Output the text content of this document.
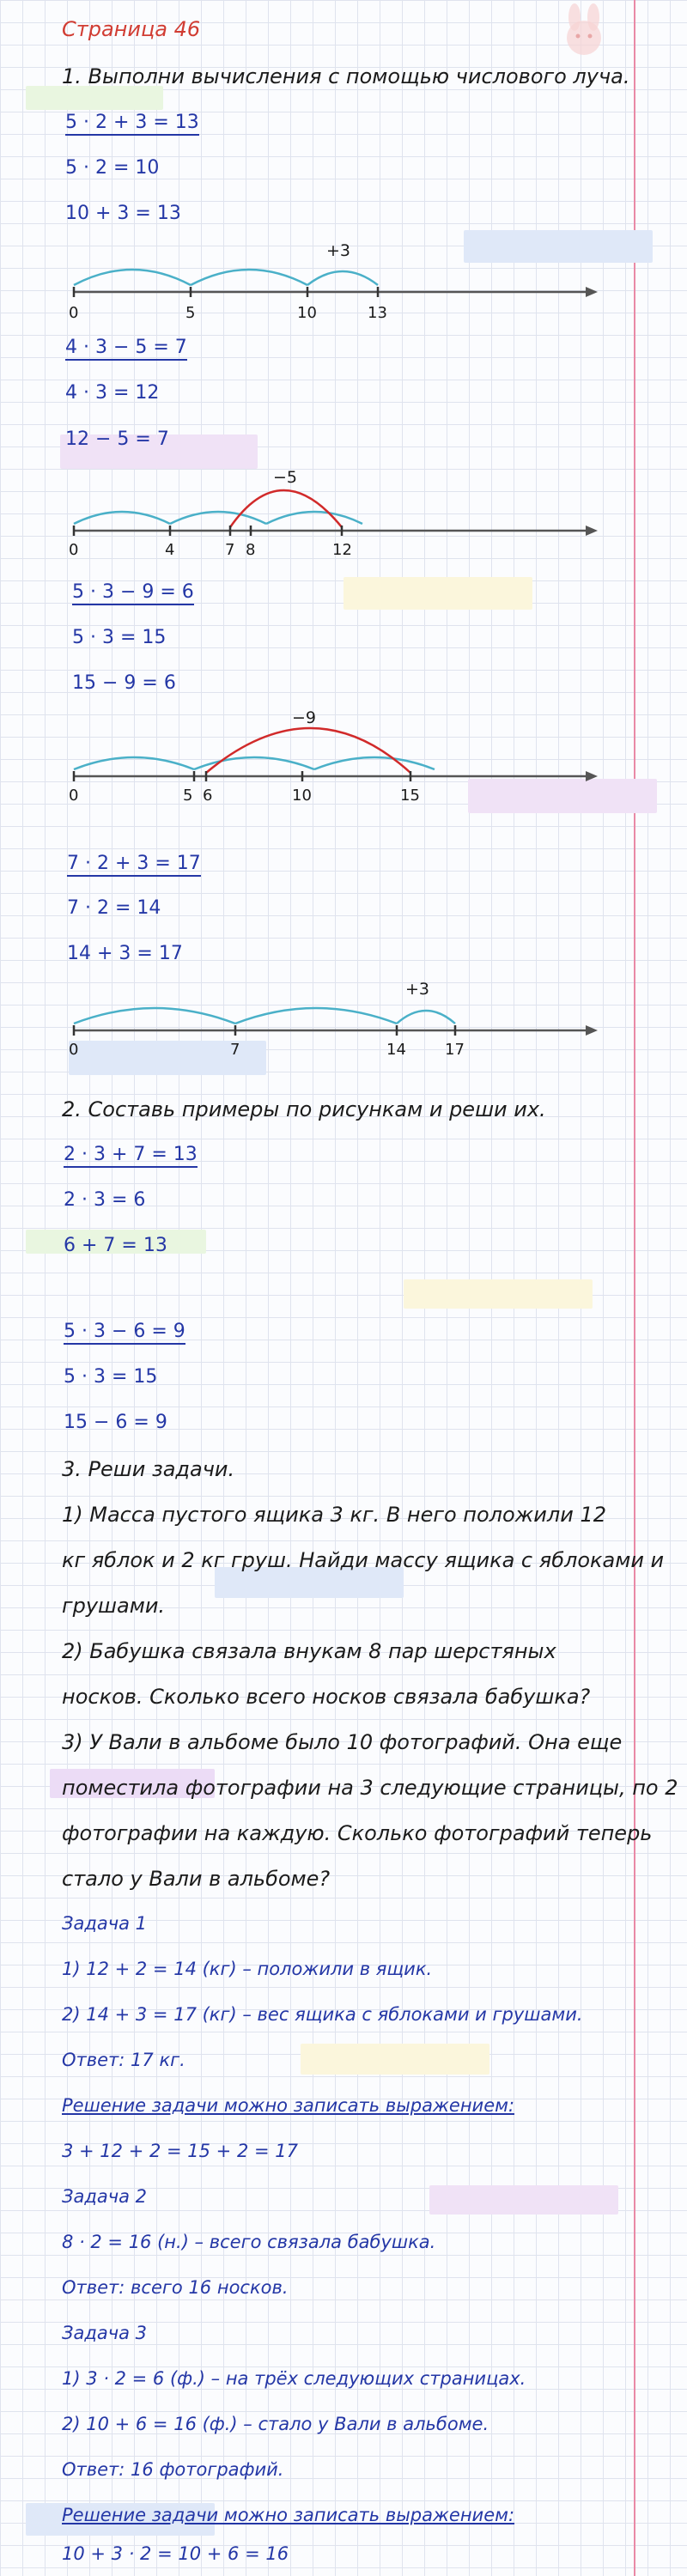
Страница 46
1. Выполни вычисления с помощью числового луча.
5 · 2 + 3 = 13
5 · 2 = 10
10 + 3 = 13
0	5	10	13
+3
4 · 3 − 5 = 7
4 · 3 = 12
12 − 5 = 7
0	4	7 8	12
−5
5 · 3 − 9 = 6
5 · 3 = 15
15 − 9 = 6
0	5 6	10	15
−9
7 · 2 + 3 = 17
7 · 2 = 14
14 + 3 = 17
0	7	14	17
+3
2. Составь примеры по рисункам и реши их.
2 · 3 + 7 = 13
2 · 3 = 6
6 + 7 = 13
5 · 3 − 6 = 9
5 · 3 = 15
15 − 6 = 9
3. Реши задачи.
1) Масса пустого ящика 3 кг. В него положили 12
кг яблок и 2 кг груш. Найди массу ящика с яблоками и
грушами.
2) Бабушка связала внукам 8 пар шерстяных
носков. Сколько всего носков связала бабушка?
3) У Вали в альбоме было 10 фотографий. Она еще
поместила фотографии на 3 следующие страницы, по 2
фотографии на каждую. Сколько фотографий теперь
стало у Вали в альбоме?
Задача 1
1) 12 + 2 = 14 (кг) – положили в ящик.
2) 14 + 3 = 17 (кг) – вес ящика с яблоками и грушами.
Ответ: 17 кг.
Решение задачи можно записать выражением:
3 + 12 + 2 = 15 + 2 = 17
Задача 2
8 · 2 = 16 (н.) – всего связала бабушка.
Ответ: всего 16 носков.
Задача 3
1) 3 · 2 = 6 (ф.) – на трёх следующих страницах.
2) 10 + 6 = 16 (ф.) – стало у Вали в альбоме.
Ответ: 16 фотографий.
Решение задачи можно записать выражением:
10 + 3 · 2 = 10 + 6 = 16
